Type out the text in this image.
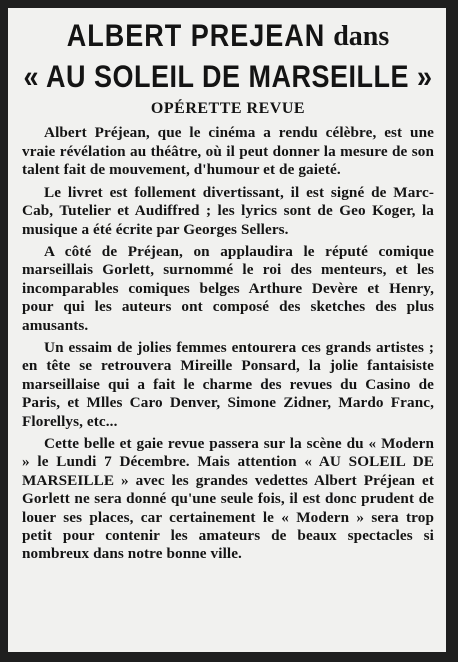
ALBERT PREJEAN dans
« AU SOLEIL DE MARSEILLE »
OPÉRETTE REVUE

Albert Préjean, que le cinéma a rendu célèbre, est une vraie révélation au théâtre, où il peut donner la mesure de son talent fait de mouvement, d'humour et de gaieté.

Le livret est follement divertissant, il est signé de Marc-Cab, Tutelier et Audiffred ; les lyrics sont de Geo Koger, la musique a été écrite par Georges Sellers.

A côté de Préjean, on applaudira le réputé comique marseillais Gorlett, surnommé le roi des menteurs, et les incomparables comiques belges Arthure Devère et Henry, pour qui les auteurs ont composé des sketches des plus amusants.

Un essaim de jolies femmes entourera ces grands artistes ; en tête se retrouvera Mireille Ponsard, la jolie fantaisiste marseillaise qui a fait le charme des revues du Casino de Paris, et Mlles Caro Denver, Simone Zidner, Mardo Franc, Florellys, etc...

Cette belle et gaie revue passera sur la scène du « Modern » le Lundi 7 Décembre. Mais attention « AU SOLEIL DE MARSEILLE » avec les grandes vedettes Albert Préjean et Gorlett ne sera donné qu'une seule fois, il est donc prudent de louer ses places, car certainement le « Modern » sera trop petit pour contenir les amateurs de beaux spectacles si nombreux dans notre bonne ville.
